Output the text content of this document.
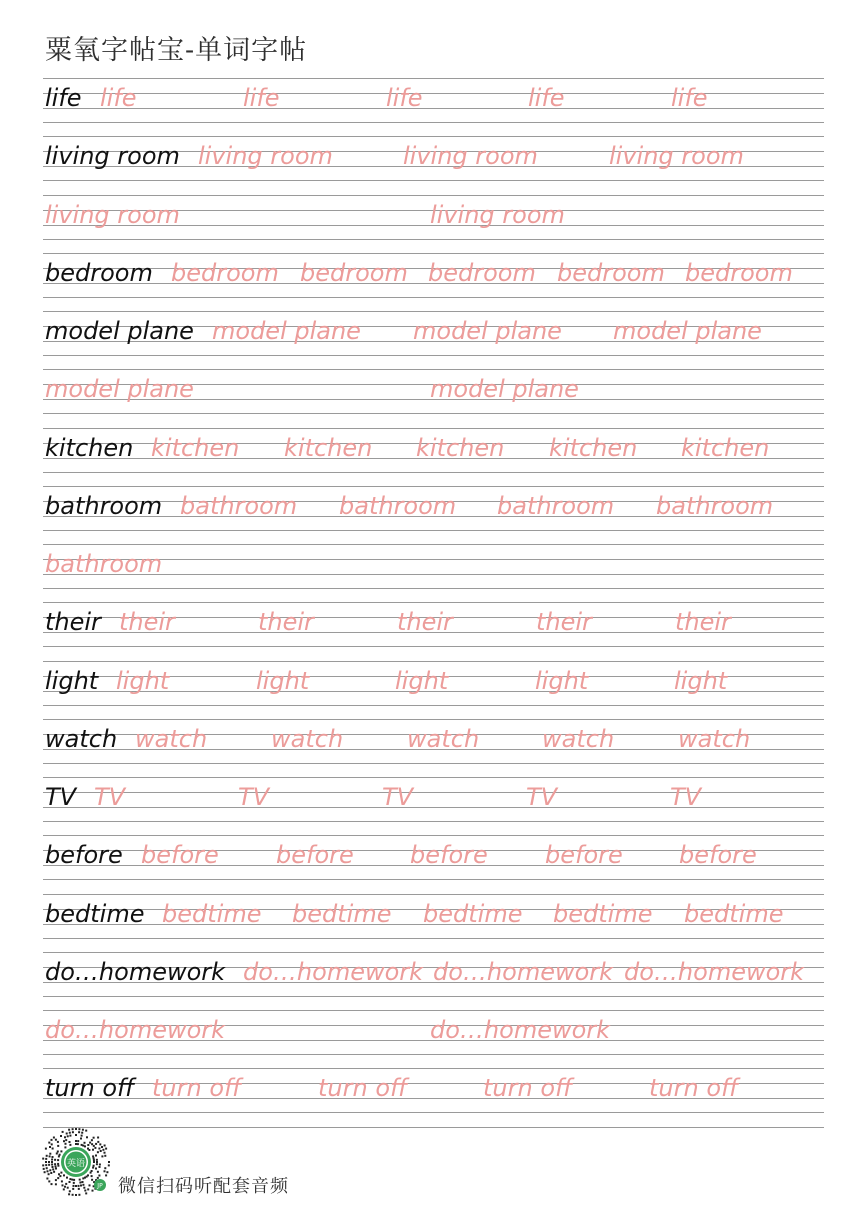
粟氧字帖宝-单词字帖
life life	life	life	life	life
living room living room	living room	living room
living room	living room
bedroom bedroom bedroom bedroom bedroom bedroom
model plane model plane model plane model plane
model plane	model plane
kitchen kitchen kitchen kitchen kitchen kitchen
bathroom bathroom bathroom bathroom bathroom
bathroom
their their	their	their	their	their
light light	light	light	light	light
watch watch	watch	watch	watch	watch
TV TV	TV	TV	TV	TV
before before before before before before
bedtime bedtime bedtime bedtime bedtime bedtime
do…homework do…homework do…homework do…homework
do…homework	do…homework
turn off turn off	turn off	turn off	turn off
英语
JP 微信扫码听配套音频
